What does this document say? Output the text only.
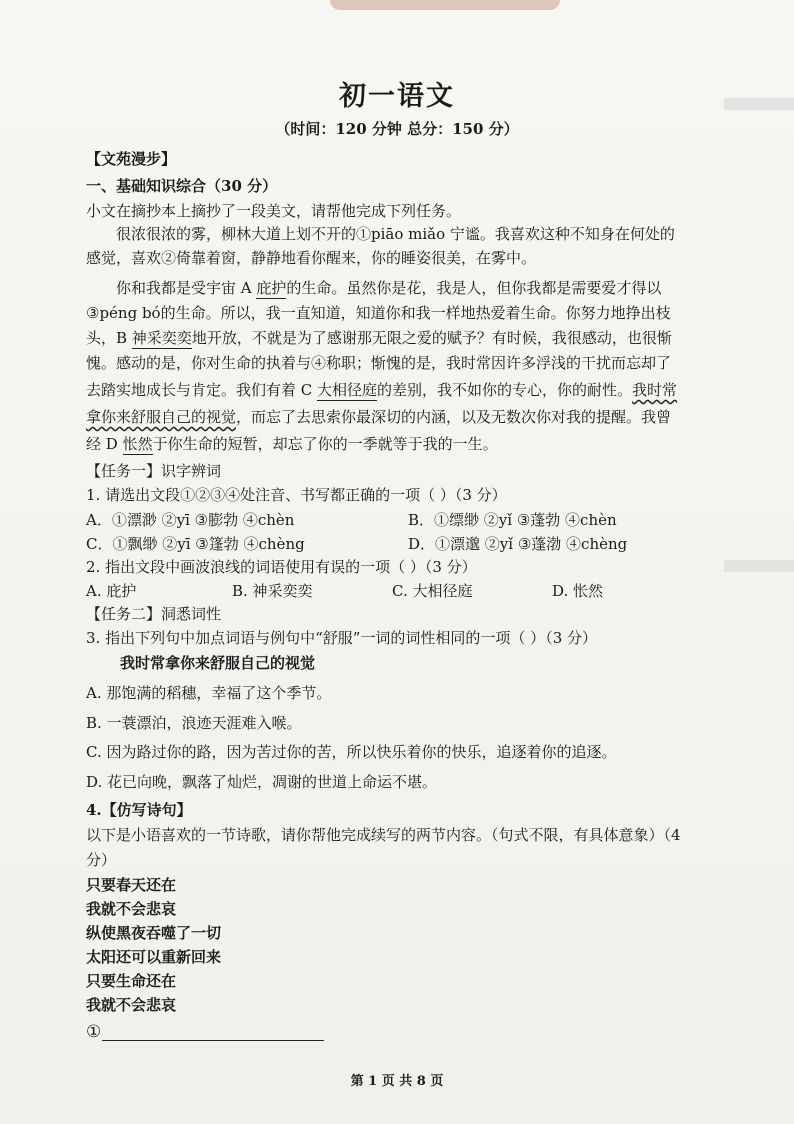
初一语文
（时间：120 分钟 总分：150 分）
【文苑漫步】
一、基础知识综合（30 分）
小文在摘抄本上摘抄了一段美文，请帮他完成下列任务。
很浓很浓的雾，柳林大道上划不开的①piāo miǎo 宁谧。我喜欢这种不知身在何处的
感觉，喜欢②倚靠着窗，静静地看你醒来，你的睡姿很美，在雾中。
你和我都是受宇宙 A 庇护的生命。虽然你是花，我是人，但你我都是需要爱才得以
③péng bó的生命。所以，我一直知道，知道你和我一样地热爱着生命。你努力地挣出枝
头，B 神采奕奕地开放，不就是为了感谢那无限之爱的赋予？有时候，我很感动，也很惭
愧。感动的是，你对生命的执着与④称职；惭愧的是，我时常因许多浮浅的干扰而忘却了
去踏实地成长与肯定。我们有着 C 大相径庭的差别，我不如你的专心，你的耐性。我时常
拿你来舒服自己的视觉，而忘了去思索你最深切的内涵，以及无数次你对我的提醒。我曾
经 D 怅然于你生命的短暂，却忘了你的一季就等于我的一生。
【任务一】识字辨词
1. 请选出文段①②③④处注音、书写都正确的一项（ ）（3 分）
A．①漂渺 ②yī ③膨勃 ④chèn	B．①缥缈 ②yǐ ③蓬勃 ④chèn
C．①飘缈 ②yī ③篷勃 ④chèng	D．①漂邈 ②yǐ ③蓬渤 ④chèng
2. 指出文段中画波浪线的词语使用有误的一项（ ）（3 分）
A. 庇护	B. 神采奕奕	C. 大相径庭	D. 怅然
【任务二】洞悉词性
3. 指出下列句中加点词语与例句中“舒服”一词的词性相同的一项（ ）（3 分）
我时常拿你来舒服自己的视觉
A. 那饱满的稻穗，幸福了这个季节。
B. 一蓑漂泊，浪迹天涯难入喉。
C. 因为路过你的路，因为苦过你的苦，所以快乐着你的快乐，追逐着你的追逐。
D. 花已向晚，飘落了灿烂，凋谢的世道上命运不堪。
4.【仿写诗句】
以下是小语喜欢的一节诗歌，请你帮他完成续写的两节内容。（句式不限，有具体意象）（4
分）
只要春天还在
我就不会悲哀
纵使黑夜吞噬了一切
太阳还可以重新回来
只要生命还在
我就不会悲哀
①
第 1 页 共 8 页
